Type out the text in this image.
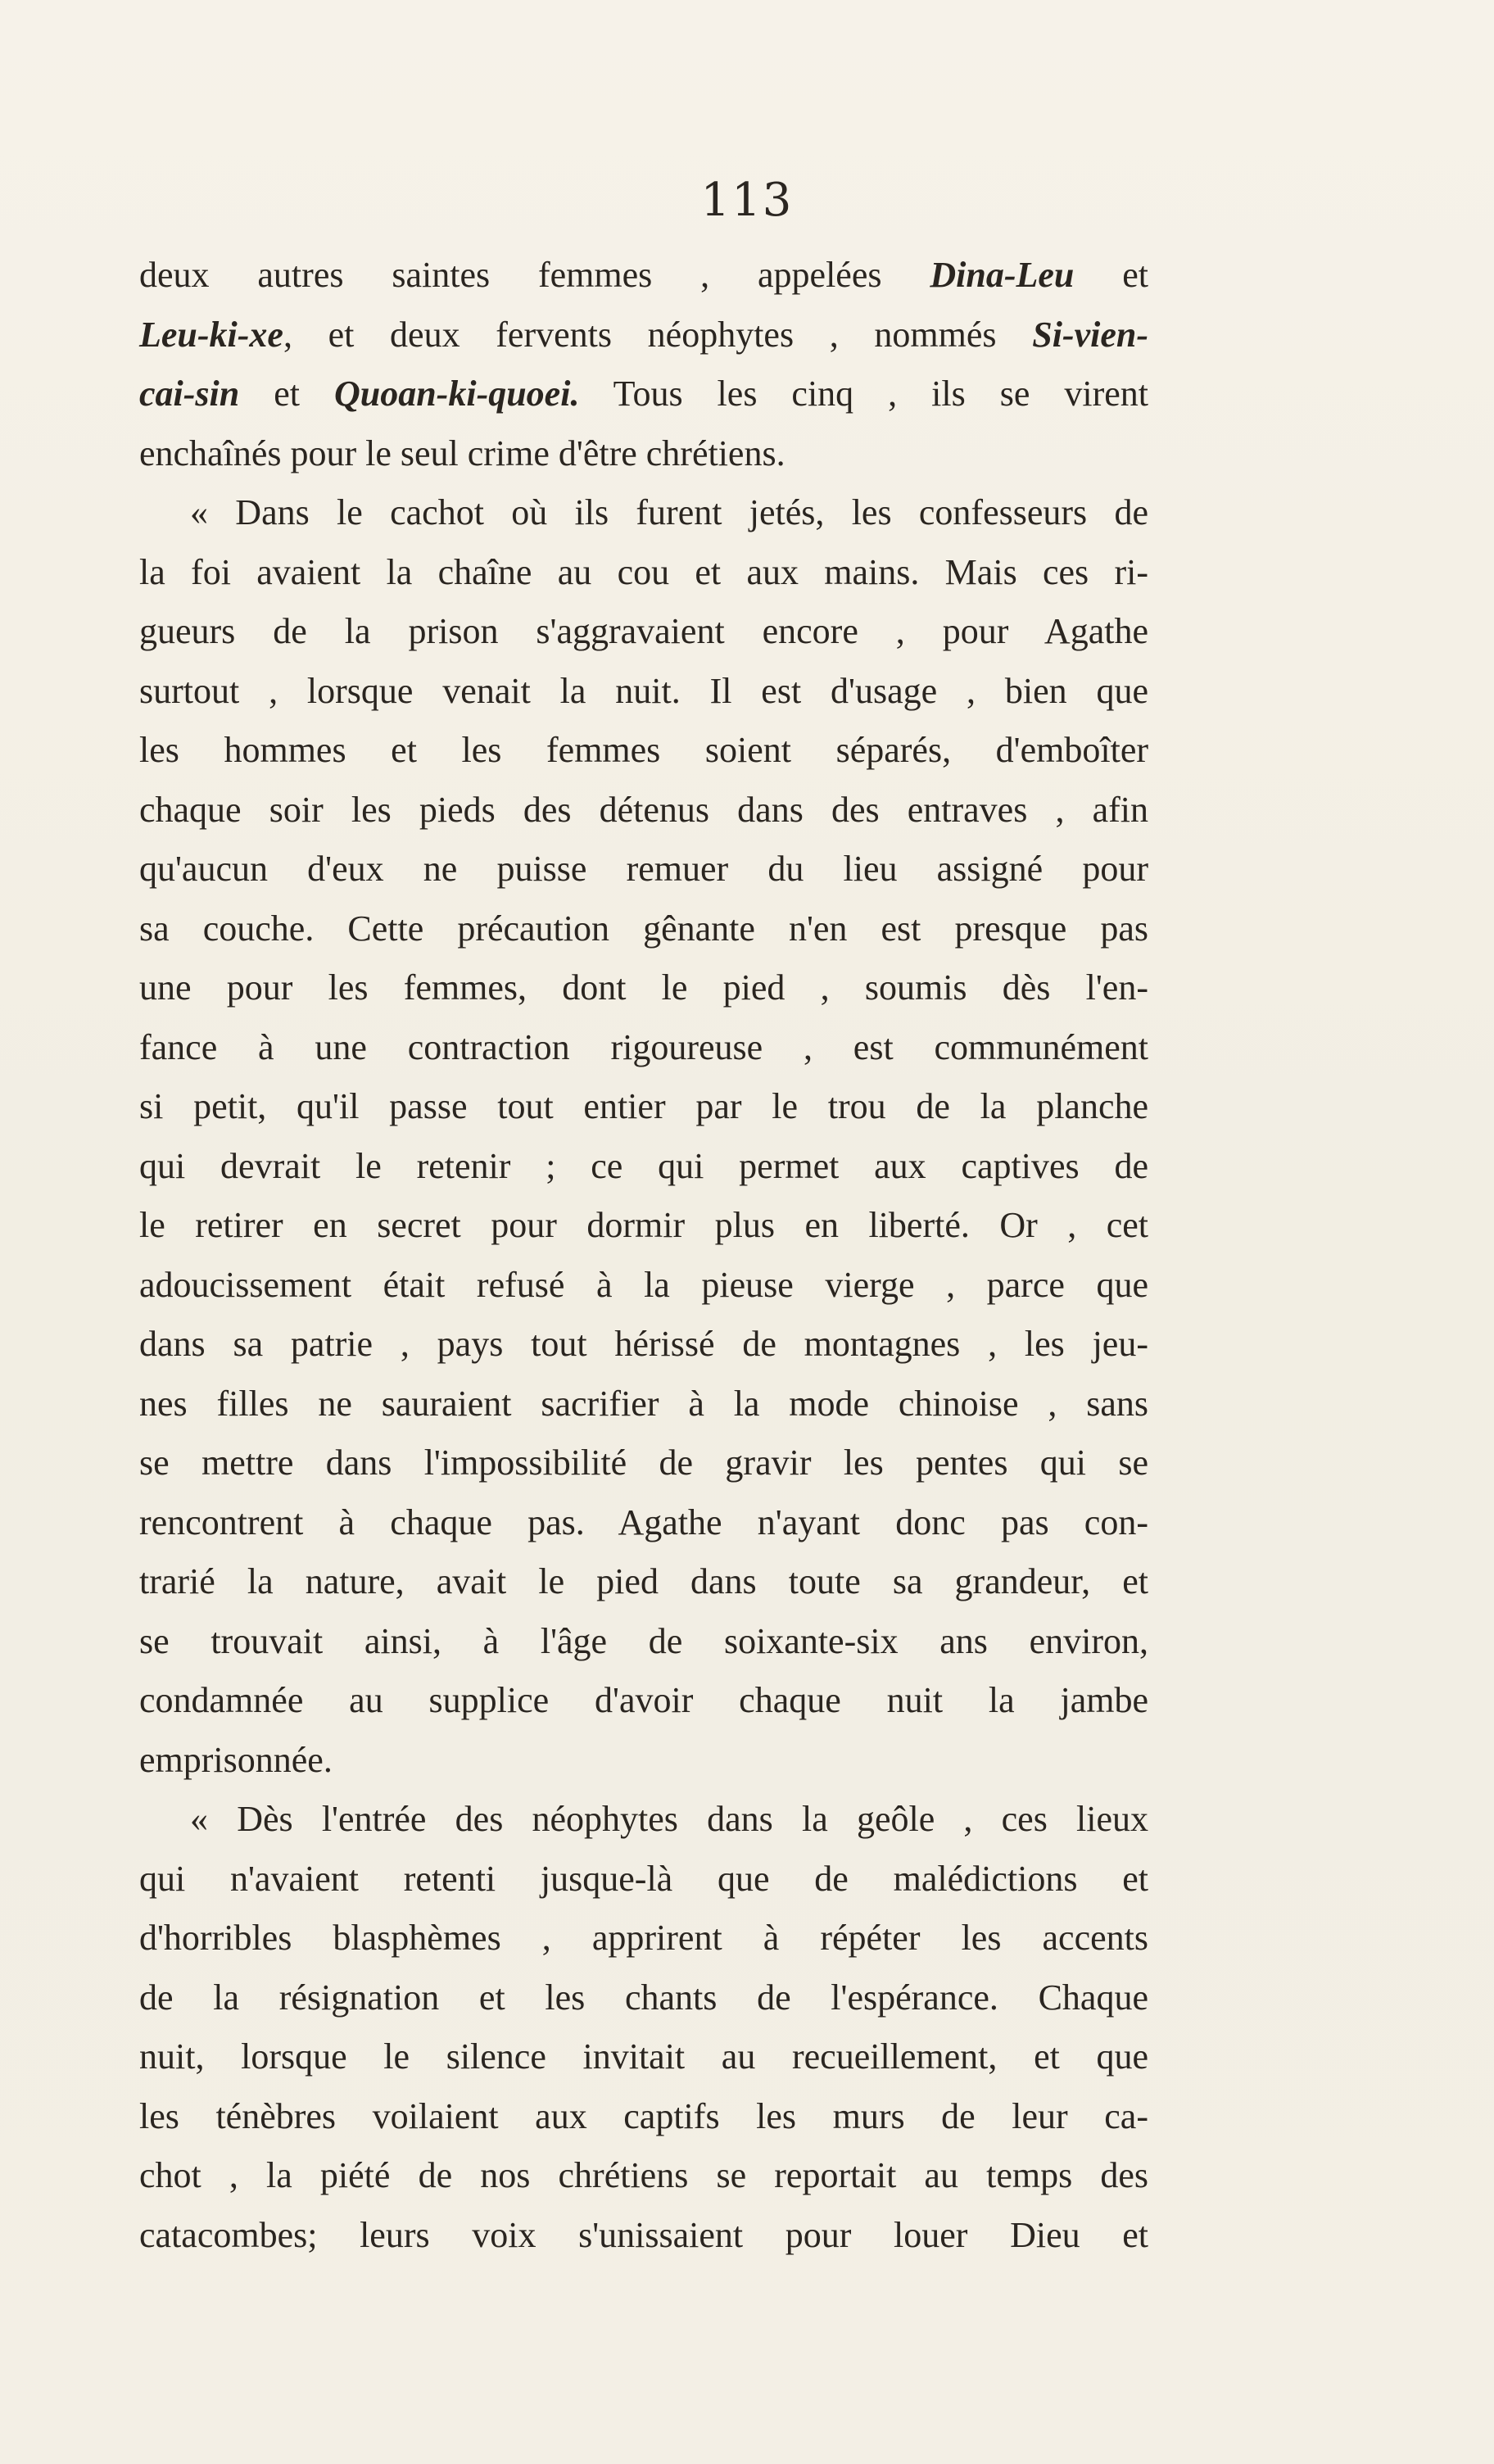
113
deux autres saintes femmes , appelées Dina-Leu et
Leu-ki-xe, et deux fervents néophytes , nommés Si-vien-
cai-sin et Quoan-ki-quoei. Tous les cinq , ils se virent
enchaînés pour le seul crime d'être chrétiens.
« Dans le cachot où ils furent jetés, les confesseurs de
la foi avaient la chaîne au cou et aux mains. Mais ces ri-
gueurs de la prison s'aggravaient encore , pour Agathe
surtout , lorsque venait la nuit. Il est d'usage , bien que
les hommes et les femmes soient séparés, d'emboîter
chaque soir les pieds des détenus dans des entraves , afin
qu'aucun d'eux ne puisse remuer du lieu assigné pour
sa couche. Cette précaution gênante n'en est presque pas
une pour les femmes, dont le pied , soumis dès l'en-
fance à une contraction rigoureuse , est communément
si petit, qu'il passe tout entier par le trou de la planche
qui devrait le retenir ; ce qui permet aux captives de
le retirer en secret pour dormir plus en liberté. Or , cet
adoucissement était refusé à la pieuse vierge , parce que
dans sa patrie , pays tout hérissé de montagnes , les jeu-
nes filles ne sauraient sacrifier à la mode chinoise , sans
se mettre dans l'impossibilité de gravir les pentes qui se
rencontrent à chaque pas. Agathe n'ayant donc pas con-
trarié la nature, avait le pied dans toute sa grandeur, et
se trouvait ainsi, à l'âge de soixante-six ans environ,
condamnée au supplice d'avoir chaque nuit la jambe
emprisonnée.
« Dès l'entrée des néophytes dans la geôle , ces lieux
qui n'avaient retenti jusque-là que de malédictions et
d'horribles blasphèmes , apprirent à répéter les accents
de la résignation et les chants de l'espérance. Chaque
nuit, lorsque le silence invitait au recueillement, et que
les ténèbres voilaient aux captifs les murs de leur ca-
chot , la piété de nos chrétiens se reportait au temps des
catacombes; leurs voix s'unissaient pour louer Dieu et
